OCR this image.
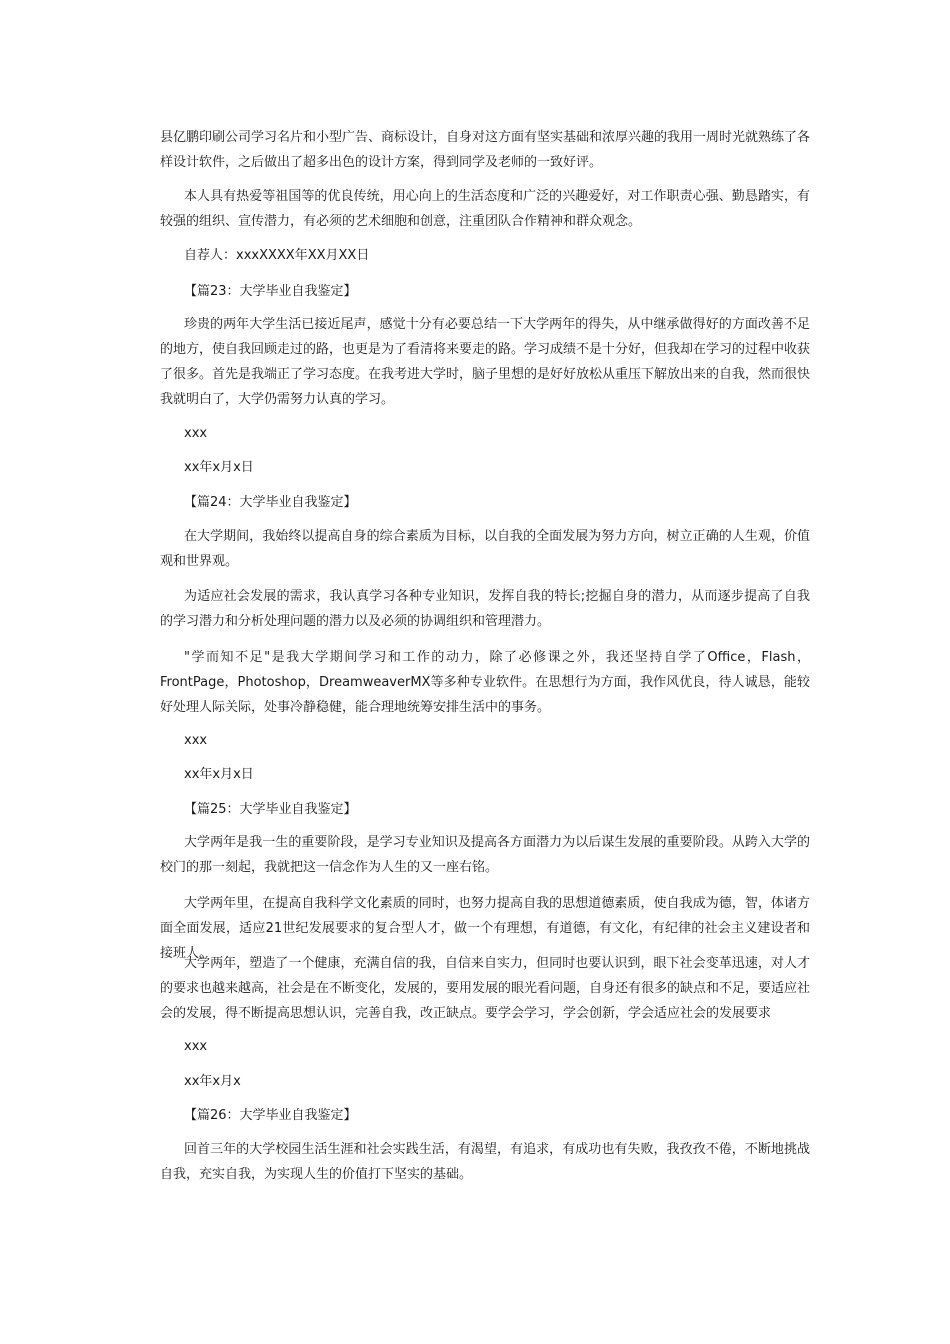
县亿鹏印刷公司学习名片和小型广告、商标设计，自身对这方面有坚实基础和浓厚兴趣的我用一周时光就熟练了各样设计软件，之后做出了超多出色的设计方案，得到同学及老师的一致好评。

本人具有热爱等祖国等的优良传统，用心向上的生活态度和广泛的兴趣爱好，对工作职责心强、勤恳踏实，有较强的组织、宣传潜力，有必须的艺术细胞和创意，注重团队合作精神和群众观念。

自荐人：xxxXXXX年XX月XX日

【篇23：大学毕业自我鉴定】

珍贵的两年大学生活已接近尾声，感觉十分有必要总结一下大学两年的得失，从中继承做得好的方面改善不足的地方，使自我回顾走过的路，也更是为了看清将来要走的路。学习成绩不是十分好，但我却在学习的过程中收获了很多。首先是我端正了学习态度。在我考进大学时，脑子里想的是好好放松从重压下解放出来的自我，然而很快我就明白了，大学仍需努力认真的学习。

xxx

xx年x月x日

【篇24：大学毕业自我鉴定】

在大学期间，我始终以提高自身的综合素质为目标，以自我的全面发展为努力方向，树立正确的人生观，价值观和世界观。

为适应社会发展的需求，我认真学习各种专业知识，发挥自我的特长;挖掘自身的潜力，从而逐步提高了自我的学习潜力和分析处理问题的潜力以及必须的协调组织和管理潜力。

"学而知不足"是我大学期间学习和工作的动力，除了必修课之外，我还坚持自学了Office，Flash，FrontPage，Photoshop，DreamweaverMX等多种专业软件。在思想行为方面，我作风优良，待人诚恳，能较好处理人际关际，处事冷静稳健，能合理地统筹安排生活中的事务。

xxx

xx年x月x日

【篇25：大学毕业自我鉴定】

大学两年是我一生的重要阶段，是学习专业知识及提高各方面潜力为以后谋生发展的重要阶段。从跨入大学的校门的那一刻起，我就把这一信念作为人生的又一座右铭。

大学两年里，在提高自我科学文化素质的同时，也努力提高自我的思想道德素质，使自我成为德，智，体诸方面全面发展，适应21世纪发展要求的复合型人才，做一个有理想，有道德，有文化，有纪律的社会主义建设者和接班人。

大学两年，塑造了一个健康，充满自信的我，自信来自实力，但同时也要认识到，眼下社会变革迅速，对人才的要求也越来越高，社会是在不断变化，发展的，要用发展的眼光看问题，自身还有很多的缺点和不足，要适应社会的发展，得不断提高思想认识，完善自我，改正缺点。要学会学习，学会创新，学会适应社会的发展要求

xxx

xx年x月x

【篇26：大学毕业自我鉴定】

回首三年的大学校园生活生涯和社会实践生活，有渴望，有追求，有成功也有失败，我孜孜不倦，不断地挑战自我，充实自我，为实现人生的价值打下坚实的基础。
